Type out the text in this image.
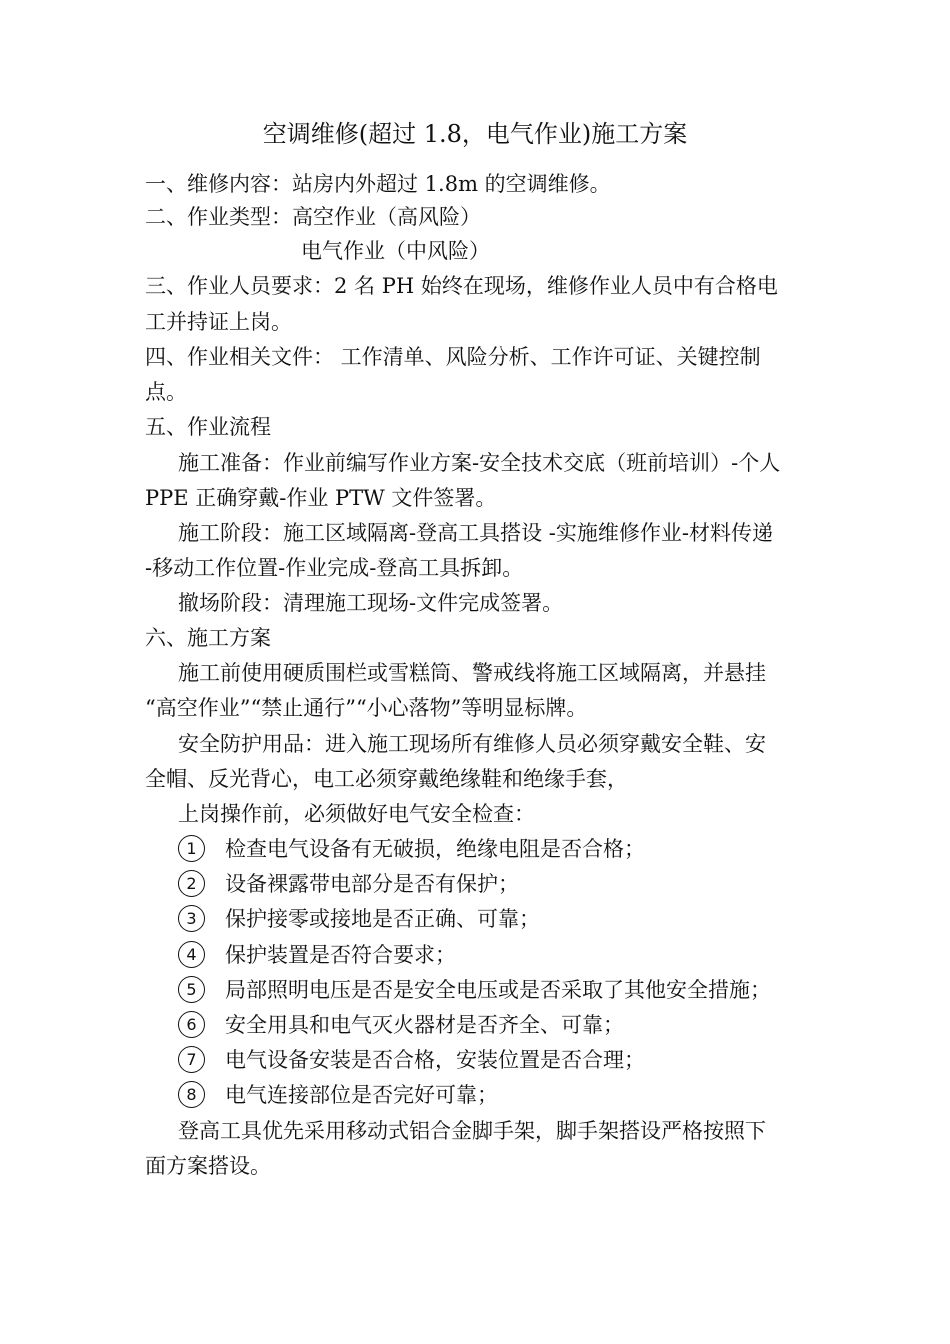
空调维修(超过 1.8，电气作业)施工方案
一、维修内容：站房内外超过 1.8m 的空调维修。
二、作业类型：高空作业（高风险）
电气作业（中风险）
三、作业人员要求：2 名 PH 始终在现场，维修作业人员中有合格电
工并持证上岗。
四、作业相关文件： 工作清单、风险分析、工作许可证、关键控制
点。
五、作业流程
施工准备：作业前编写作业方案-安全技术交底（班前培训）-个人
PPE 正确穿戴-作业 PTW 文件签署。
施工阶段：施工区域隔离-登高工具搭设 -实施维修作业-材料传递
-移动工作位置-作业完成-登高工具拆卸。
撤场阶段：清理施工现场-文件完成签署。
六、施工方案
施工前使用硬质围栏或雪糕筒、警戒线将施工区域隔离，并悬挂
“高空作业”“禁止通行”“小心落物”等明显标牌。
安全防护用品：进入施工现场所有维修人员必须穿戴安全鞋、安
全帽、反光背心，电工必须穿戴绝缘鞋和绝缘手套，
上岗操作前，必须做好电气安全检查：
1 检查电气设备有无破损，绝缘电阻是否合格；
2 设备裸露带电部分是否有保护；
3 保护接零或接地是否正确、可靠；
4 保护装置是否符合要求；
5 局部照明电压是否是安全电压或是否采取了其他安全措施；
6 安全用具和电气灭火器材是否齐全、可靠；
7 电气设备安装是否合格，安装位置是否合理；
8 电气连接部位是否完好可靠；
登高工具优先采用移动式铝合金脚手架，脚手架搭设严格按照下
面方案搭设。
